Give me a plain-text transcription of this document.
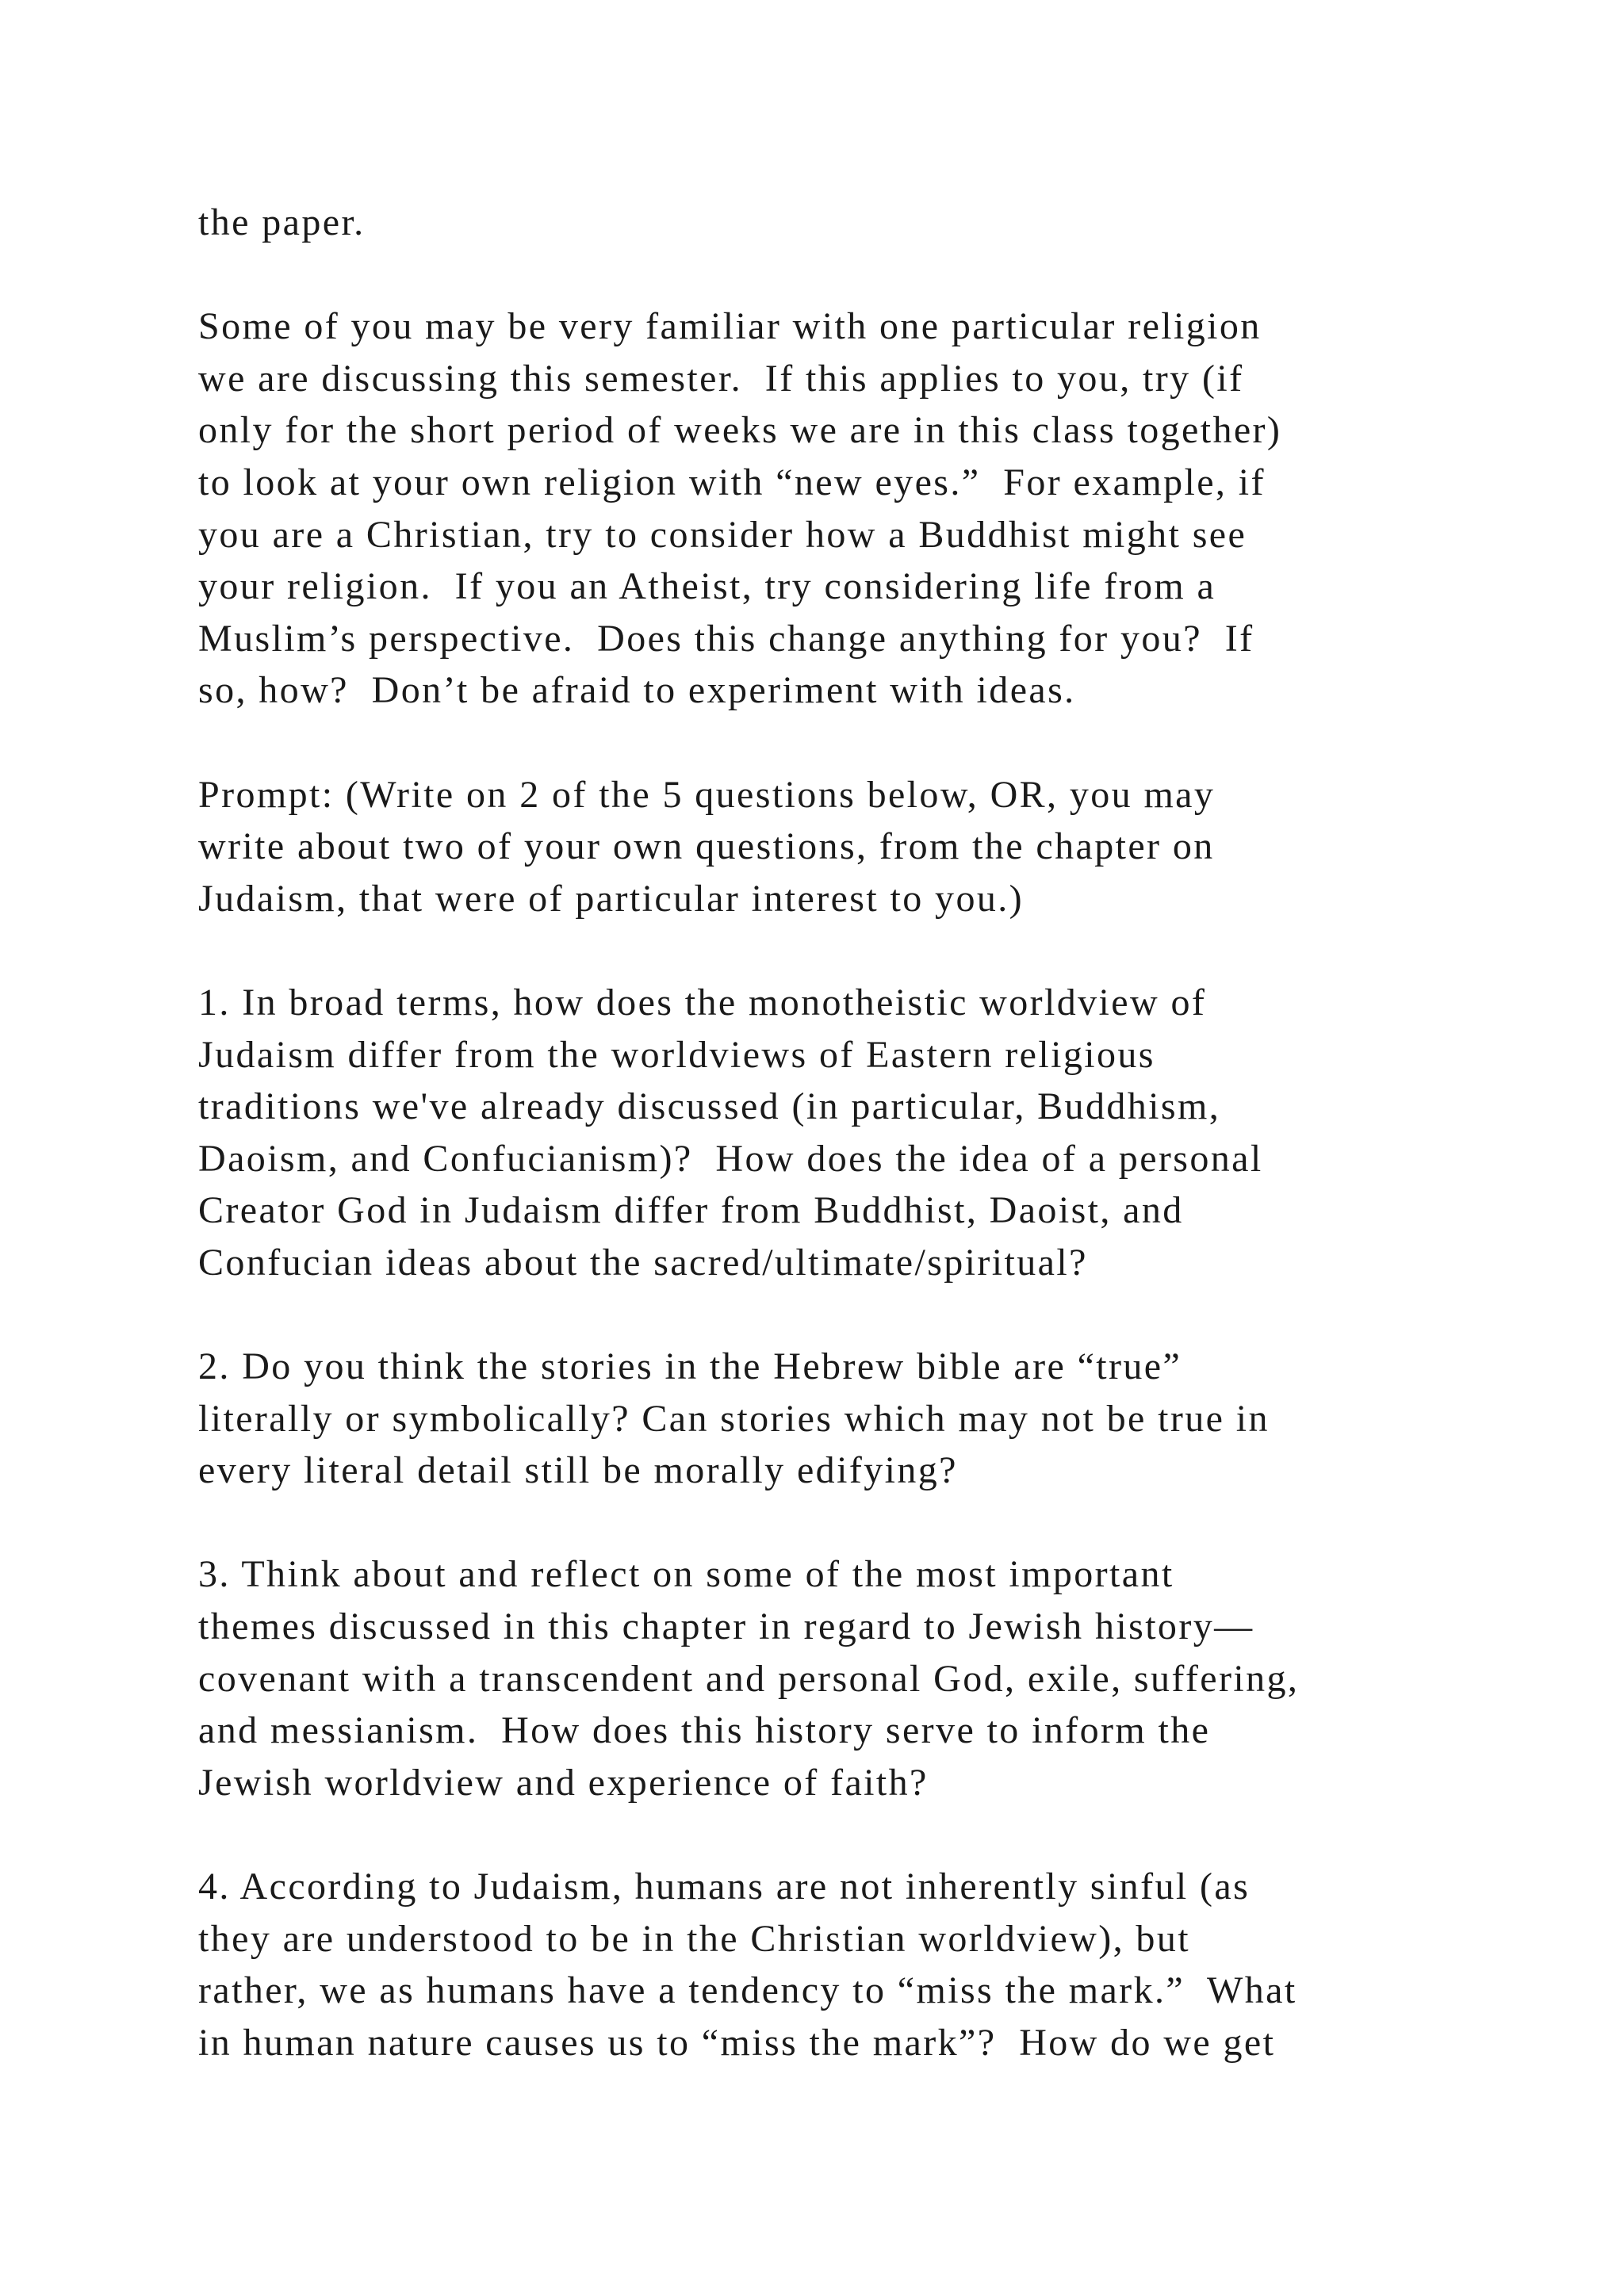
the paper.
Some of you may be very familiar with one particular religion
we are discussing this semester.  If this applies to you, try (if
only for the short period of weeks we are in this class together)
to look at your own religion with “new eyes.”  For example, if
you are a Christian, try to consider how a Buddhist might see
your religion.  If you an Atheist, try considering life from a
Muslim’s perspective.  Does this change anything for you?  If
so, how?  Don’t be afraid to experiment with ideas.
Prompt: (Write on 2 of the 5 questions below, OR, you may
write about two of your own questions, from the chapter on
Judaism, that were of particular interest to you.)
1. In broad terms, how does the monotheistic worldview of
Judaism differ from the worldviews of Eastern religious
traditions we've already discussed (in particular, Buddhism,
Daoism, and Confucianism)?  How does the idea of a personal
Creator God in Judaism differ from Buddhist, Daoist, and
Confucian ideas about the sacred/ultimate/spiritual?
2. Do you think the stories in the Hebrew bible are “true”
literally or symbolically? Can stories which may not be true in
every literal detail still be morally edifying?
3. Think about and reflect on some of the most important
themes discussed in this chapter in regard to Jewish history—
covenant with a transcendent and personal God, exile, suffering,
and messianism.  How does this history serve to inform the
Jewish worldview and experience of faith?
4. According to Judaism, humans are not inherently sinful (as
they are understood to be in the Christian worldview), but
rather, we as humans have a tendency to “miss the mark.”  What
in human nature causes us to “miss the mark”?  How do we get
